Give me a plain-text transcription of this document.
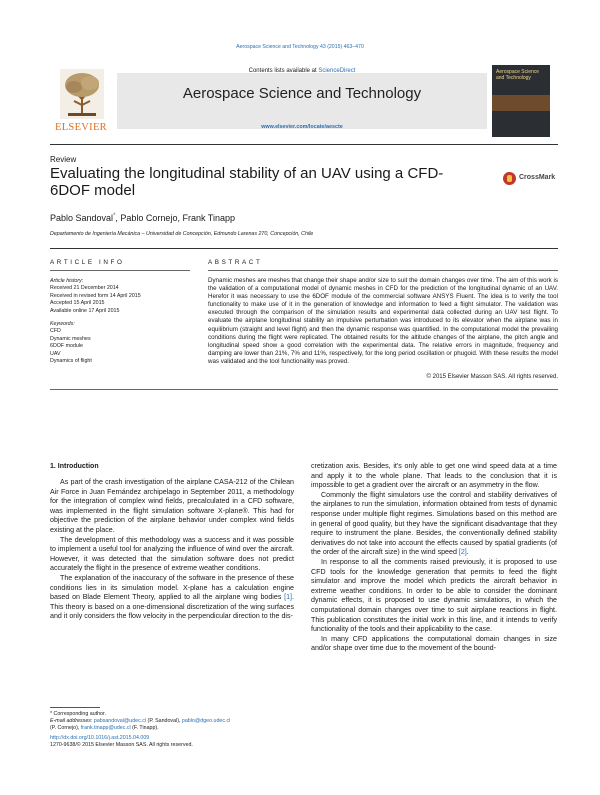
Aerospace Science and Technology 43 (2015) 463–470
ELSEVIER
Contents lists available at ScienceDirect
Aerospace Science and Technology
www.elsevier.com/locate/aescte
Aerospace Science and Technology
Review
Evaluating the longitudinal stability of an UAV using a CFD-6DOF model
CrossMark
Pablo Sandoval*, Pablo Cornejo, Frank Tinapp
Departamento de Ingeniería Mecánica – Universidad de Concepción, Edmundo Larenas 270, Concepción, Chile
ARTICLE INFO	ABSTRACT
Article history:
Received 21 December 2014
Received in revised form 14 April 2015
Accepted 15 April 2015
Available online 17 April 2015
Keywords:
CFD
Dynamic meshes
6DOF module
UAV
Dynamics of flight
Dynamic meshes are meshes that change their shape and/or size to suit the domain changes over time. The aim of this work is the validation of a computational model of dynamic meshes in CFD for the prediction of the longitudinal dynamic of an UAV. Herefor it was necessary to use the 6DOF module of the commercial software ANSYS Fluent. The idea is to verify the tool functionality to make use of it in the generation of knowledge and information to feed a flight simulator. The validation was executed through the comparison of the simulation results and experimental data collected during an UAV test flight. To evaluate the airplane longitudinal stability an impulsive perturbation was introduced to its elevator when the airplane was in equilibrium (straight and level flight) and then the dynamic response was quantified. In the computational model the prevailing conditions during the flight were replicated. The obtained results for the altitude changes of the airplane, the pitch angle and longitudinal speed show a good correlation with the experimental data. The relative errors in magnitude, frequency and damping are lower than 21%, 7% and 11%, respectively, for the long period oscillation or phugoid. With these results the model was validated and the tool functionality was proved.
© 2015 Elsevier Masson SAS. All rights reserved.
1. Introduction

As part of the crash investigation of the airplane CASA-212 of the Chilean Air Force in Juan Fernández archipelago in September 2011, a methodology for the integration of complex wind fields, precalculated in a CFD software, was implemented in the flight simulation software X-plane®. This had for objective the prediction of the airplane behavior under complex wind fields existing at the place.

The development of this methodology was a success and it was possible to implement a useful tool for analyzing the influence of wind over the aircraft. However, it was detected that the simulation software does not predict accurately the flight in the presence of extreme weather conditions.

The explanation of the inaccuracy of the software in the presence of these conditions lies in its simulation model. X-plane has a calculation engine based on Blade Element Theory, applied to all the airplane wing bodies [1]. This theory is based on a one-dimensional discretization of the wing surfaces and it only considers the flow velocity in the perpendicular direction to the dis-

cretization axis. Besides, it's only able to get one wind speed data at a time and apply it to the whole plane. That leads to the conclusion that it is impossible to get a gradient over the aircraft or an asymmetry in the flow.

Commonly the flight simulators use the control and stability derivatives of the airplanes to run the simulation, information obtained from tests of dynamic response under multiple flight regimes. Simulations based on this method are in general of good quality, but they have the significant disadvantage that they require to instrument the plane. Besides, the conventionally defined stability derivatives do not take into account the effects caused by spatial gradients (of the order of the aircraft size) in the wind speed [2].

In response to all the comments raised previously, it is proposed to use CFD tools for the knowledge generation that permits to feed the flight simulator and improve the model which predicts the aircraft behavior in extreme weather conditions. In order to be able to consider the dominant dynamic effects, it is proposed to use dynamic simulations, in which the computational domain changes over time to suit airplane reactions in flight. This publication constitutes the initial work in this line, and it intends to verify functionality of the tools and their applicability to the case.

In many CFD applications the computational domain changes in size and/or shape over time due to the movement of the bound-

* Corresponding author.
E-mail addresses: pabsandoval@udec.cl (P. Sandoval), pablo@dgeo.udec.cl
(P. Cornejo), frank.tinapp@udec.cl (F. Tinapp).
http://dx.doi.org/10.1016/j.ast.2015.04.009
1270-9638/© 2015 Elsevier Masson SAS. All rights reserved.
